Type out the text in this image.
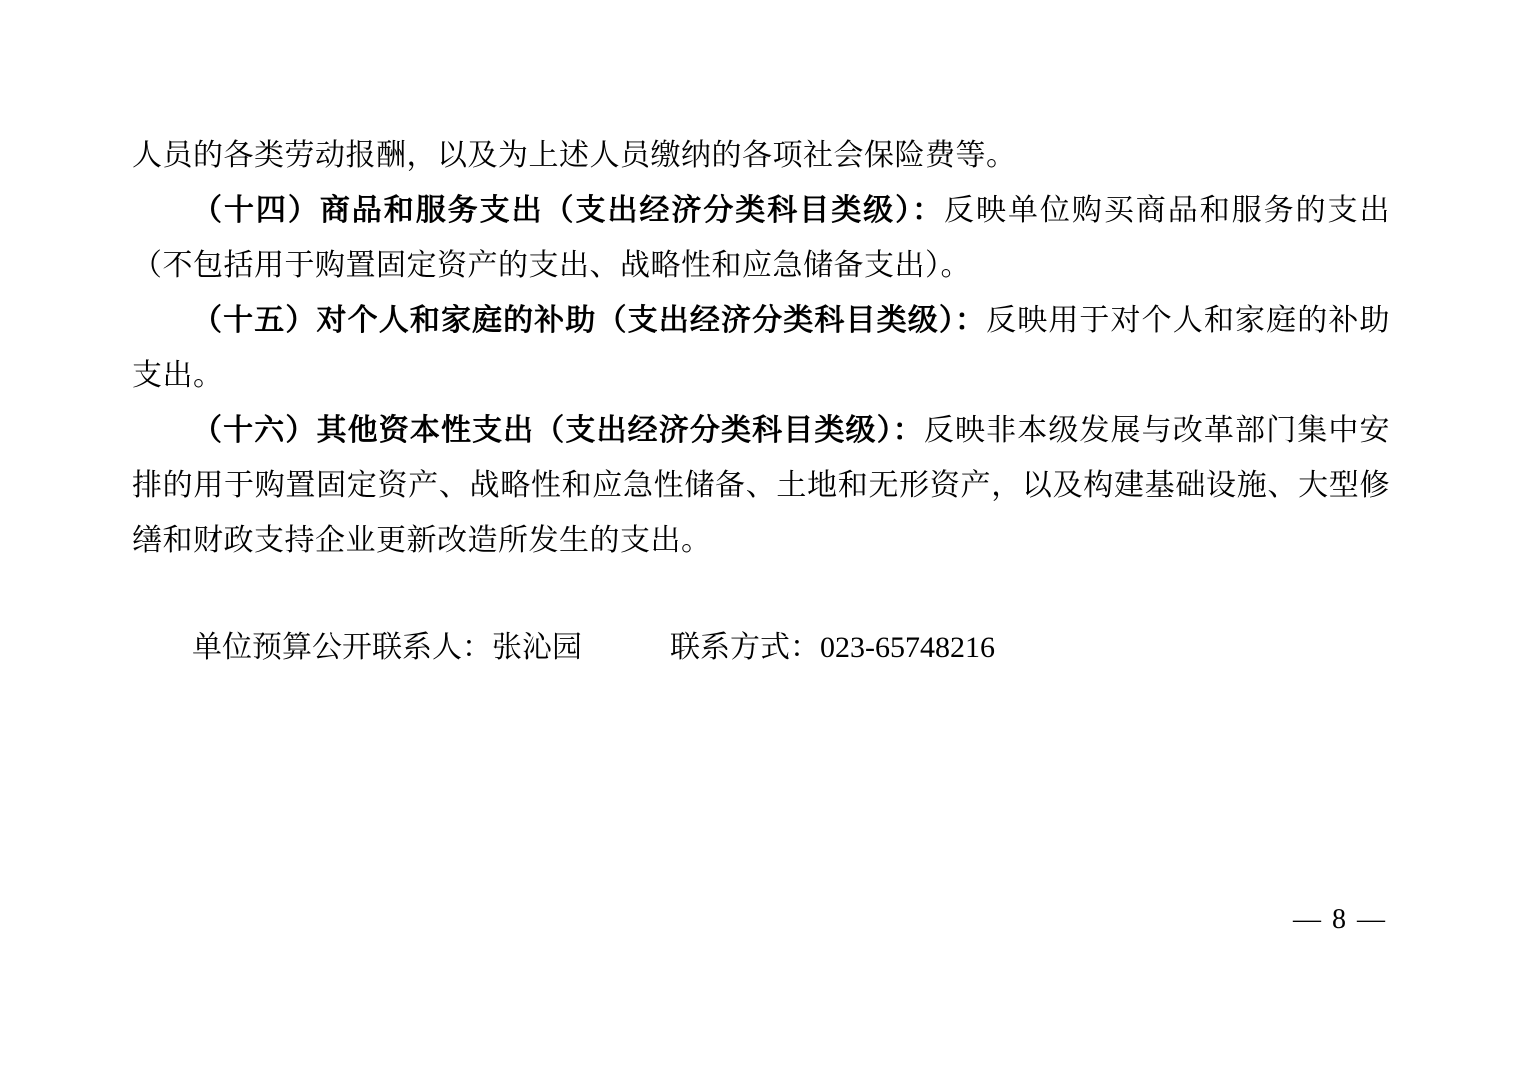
人员的各类劳动报酬，以及为上述人员缴纳的各项社会保险费等。

（十四）商品和服务支出（支出经济分类科目类级）：反映单位购买商品和服务的支出（不包括用于购置固定资产的支出、战略性和应急储备支出）。

（十五）对个人和家庭的补助（支出经济分类科目类级）：反映用于对个人和家庭的补助支出。

（十六）其他资本性支出（支出经济分类科目类级）：反映非本级发展与改革部门集中安排的用于购置固定资产、战略性和应急性储备、土地和无形资产，以及构建基础设施、大型修缮和财政支持企业更新改造所发生的支出。

单位预算公开联系人：张沁园	联系方式：023-65748216

— 8 —
